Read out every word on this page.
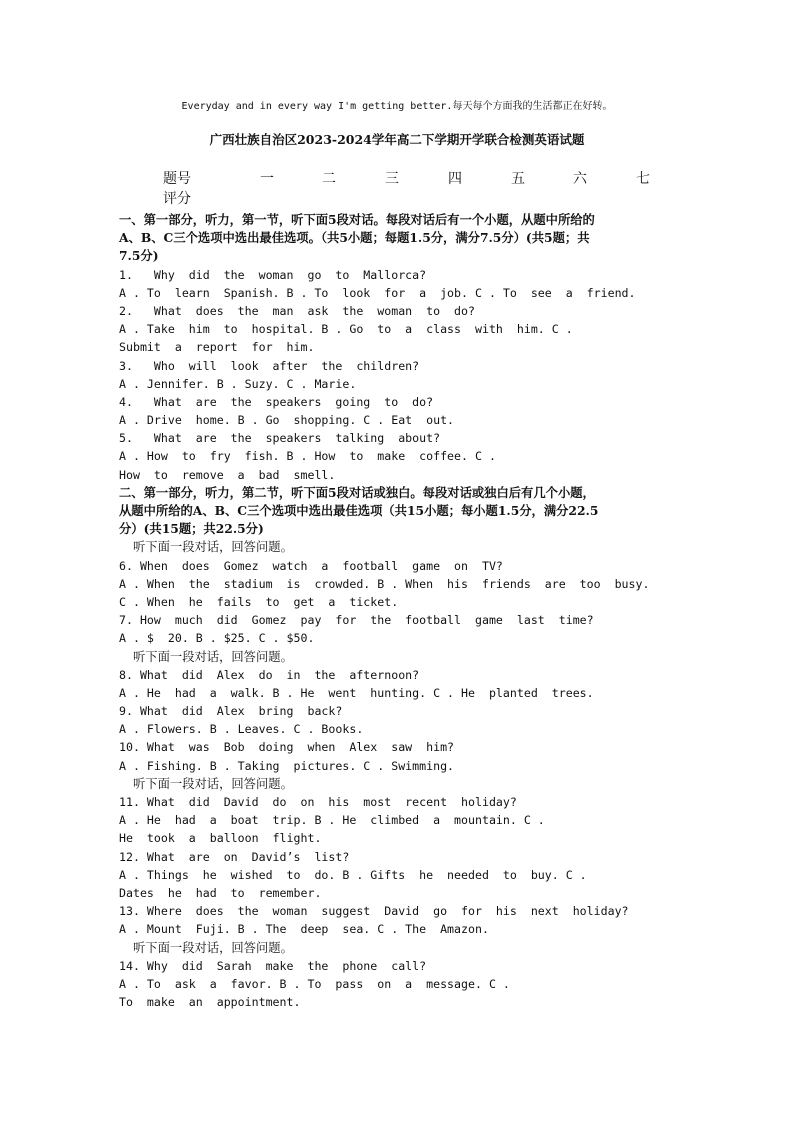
Everyday and in every way I'm getting better.每天每个方面我的生活都正在好转。
广西壮族自治区2023-2024学年高二下学期开学联合检测英语试题
题号	一	二	三	四	五	六	七
评分
一、第一部分，听力，第一节，听下面5段对话。每段对话后有一个小题，从题中所给的
A、B、C三个选项中选出最佳选项。（共5小题；每题1.5分，满分7.5分）(共5题；共
7.5分)
1.   Why  did  the  woman  go  to  Mallorca?
A . To  learn  Spanish. B . To  look  for  a  job. C . To  see  a  friend.
2.   What  does  the  man  ask  the  woman  to  do?
A . Take  him  to  hospital. B . Go  to  a  class  with  him. C .
Submit  a  report  for  him.
3.   Who  will  look  after  the  children?
A . Jennifer. B . Suzy. C . Marie.
4.   What  are  the  speakers  going  to  do?
A . Drive  home. B . Go  shopping. C . Eat  out.
5.   What  are  the  speakers  talking  about?
A . How  to  fry  fish. B . How  to  make  coffee. C .
How  to  remove  a  bad  smell.
二、第一部分，听力，第二节，听下面5段对话或独白。每段对话或独白后有几个小题，
从题中所给的A、B、C三个选项中选出最佳选项（共15小题；每小题1.5分，满分22.5
分）(共15题；共22.5分)
听下面一段对话，回答问题。
6. When  does  Gomez  watch  a  football  game  on  TV?
A . When  the  stadium  is  crowded. B . When  his  friends  are  too  busy.
C . When  he  fails  to  get  a  ticket.
7. How  much  did  Gomez  pay  for  the  football  game  last  time?
A . $  20. B . $25. C . $50.
听下面一段对话，回答问题。
8. What  did  Alex  do  in  the  afternoon?
A . He  had  a  walk. B . He  went  hunting. C . He  planted  trees.
9. What  did  Alex  bring  back?
A . Flowers. B . Leaves. C . Books.
10. What  was  Bob  doing  when  Alex  saw  him?
A . Fishing. B . Taking  pictures. C . Swimming.
听下面一段对话，回答问题。
11. What  did  David  do  on  his  most  recent  holiday?
A . He  had  a  boat  trip. B . He  climbed  a  mountain. C .
He  took  a  balloon  flight.
12. What  are  on  David’s  list?
A . Things  he  wished  to  do. B . Gifts  he  needed  to  buy. C .
Dates  he  had  to  remember.
13. Where  does  the  woman  suggest  David  go  for  his  next  holiday?
A . Mount  Fuji. B . The  deep  sea. C . The  Amazon.
听下面一段对话，回答问题。
14. Why  did  Sarah  make  the  phone  call?
A . To  ask  a  favor. B . To  pass  on  a  message. C .
To  make  an  appointment.
